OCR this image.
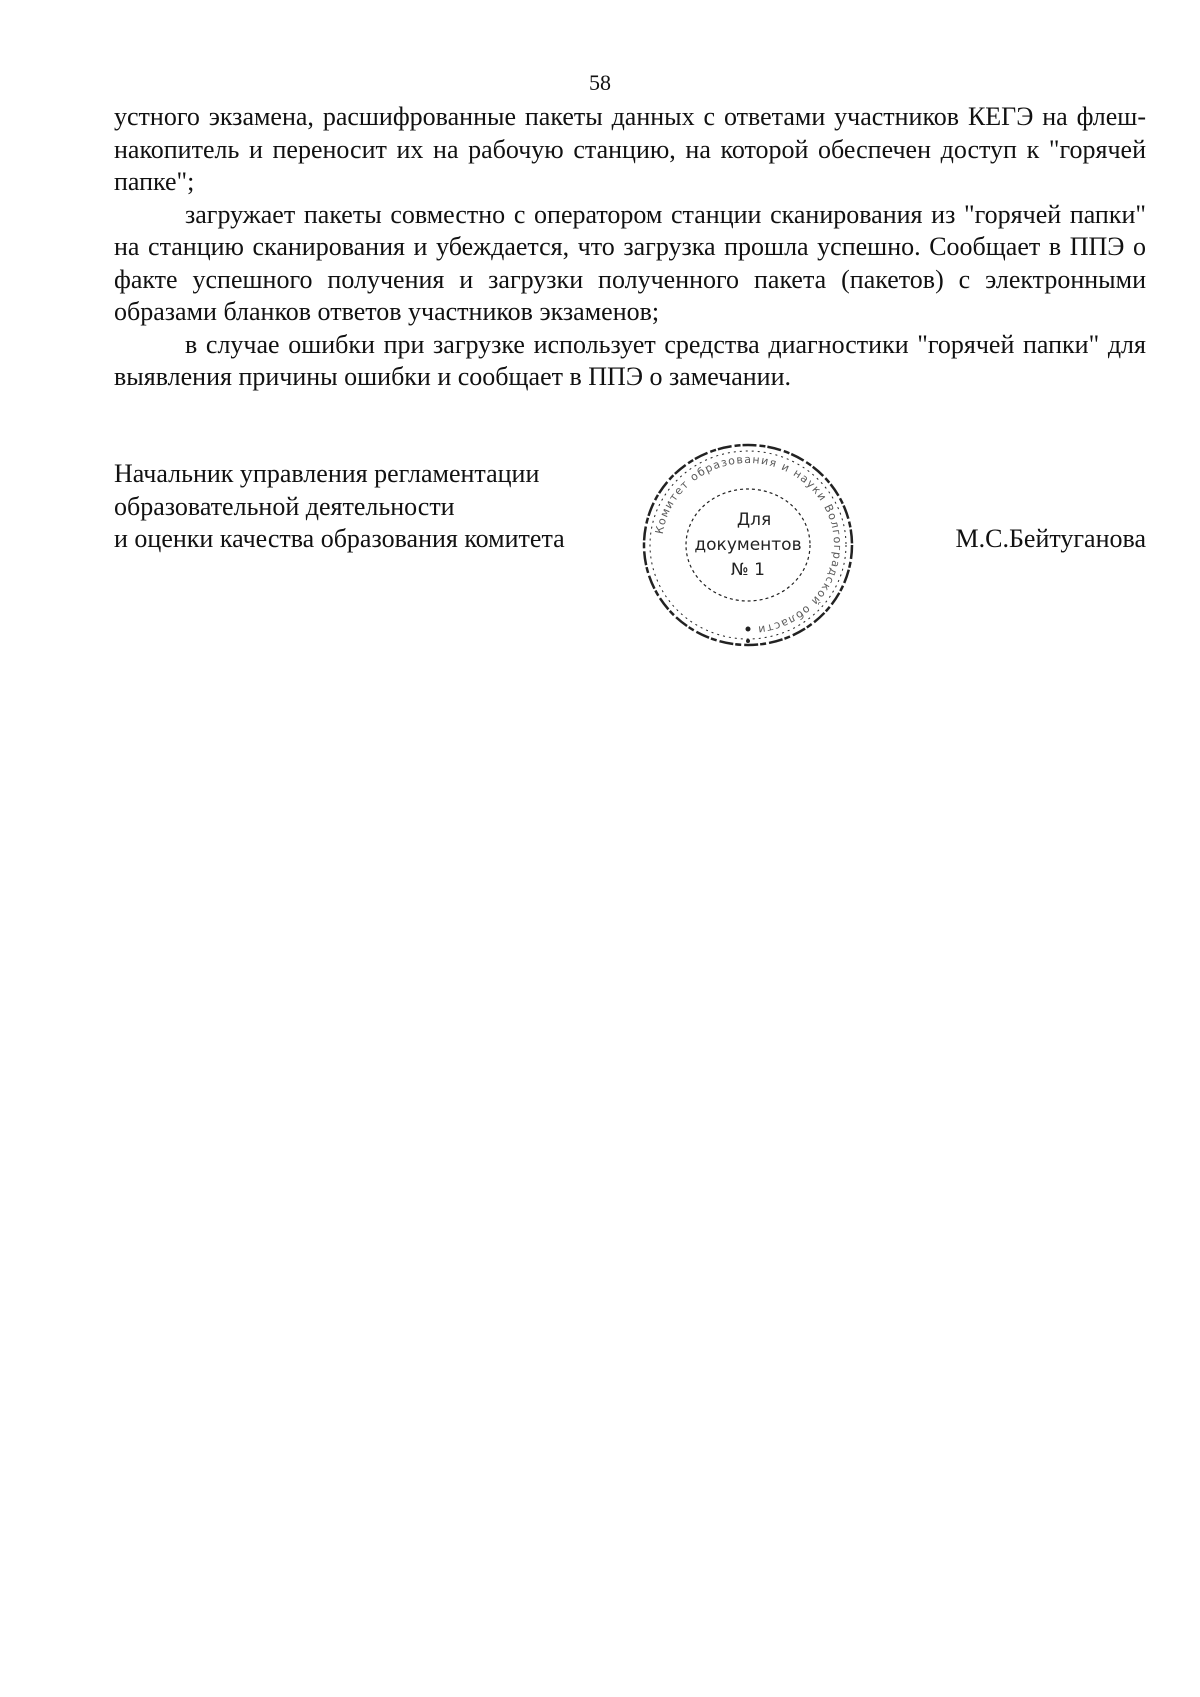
58

устного экзамена, расшифрованные пакеты данных с ответами участников КЕГЭ на флеш-накопитель и переносит их на рабочую станцию, на которой обеспечен доступ к "горячей папке";

загружает пакеты совместно с оператором станции сканирования из "горячей папки" на станцию сканирования и убеждается, что загрузка прошла успешно. Сообщает в ППЭ о факте успешного получения и загрузки полученного пакета (пакетов) с электронными образами бланков ответов участников экзаменов;

в случае ошибки при загрузке использует средства диагностики "горячей папки" для выявления причины ошибки и сообщает в ППЭ о замечании.

Начальник управления регламентации
образовательной деятельности
и оценки качества образования комитета	М.С.Бейтуганова
Комитет образования и науки Волгоградской области
Для
документов
№ 1
